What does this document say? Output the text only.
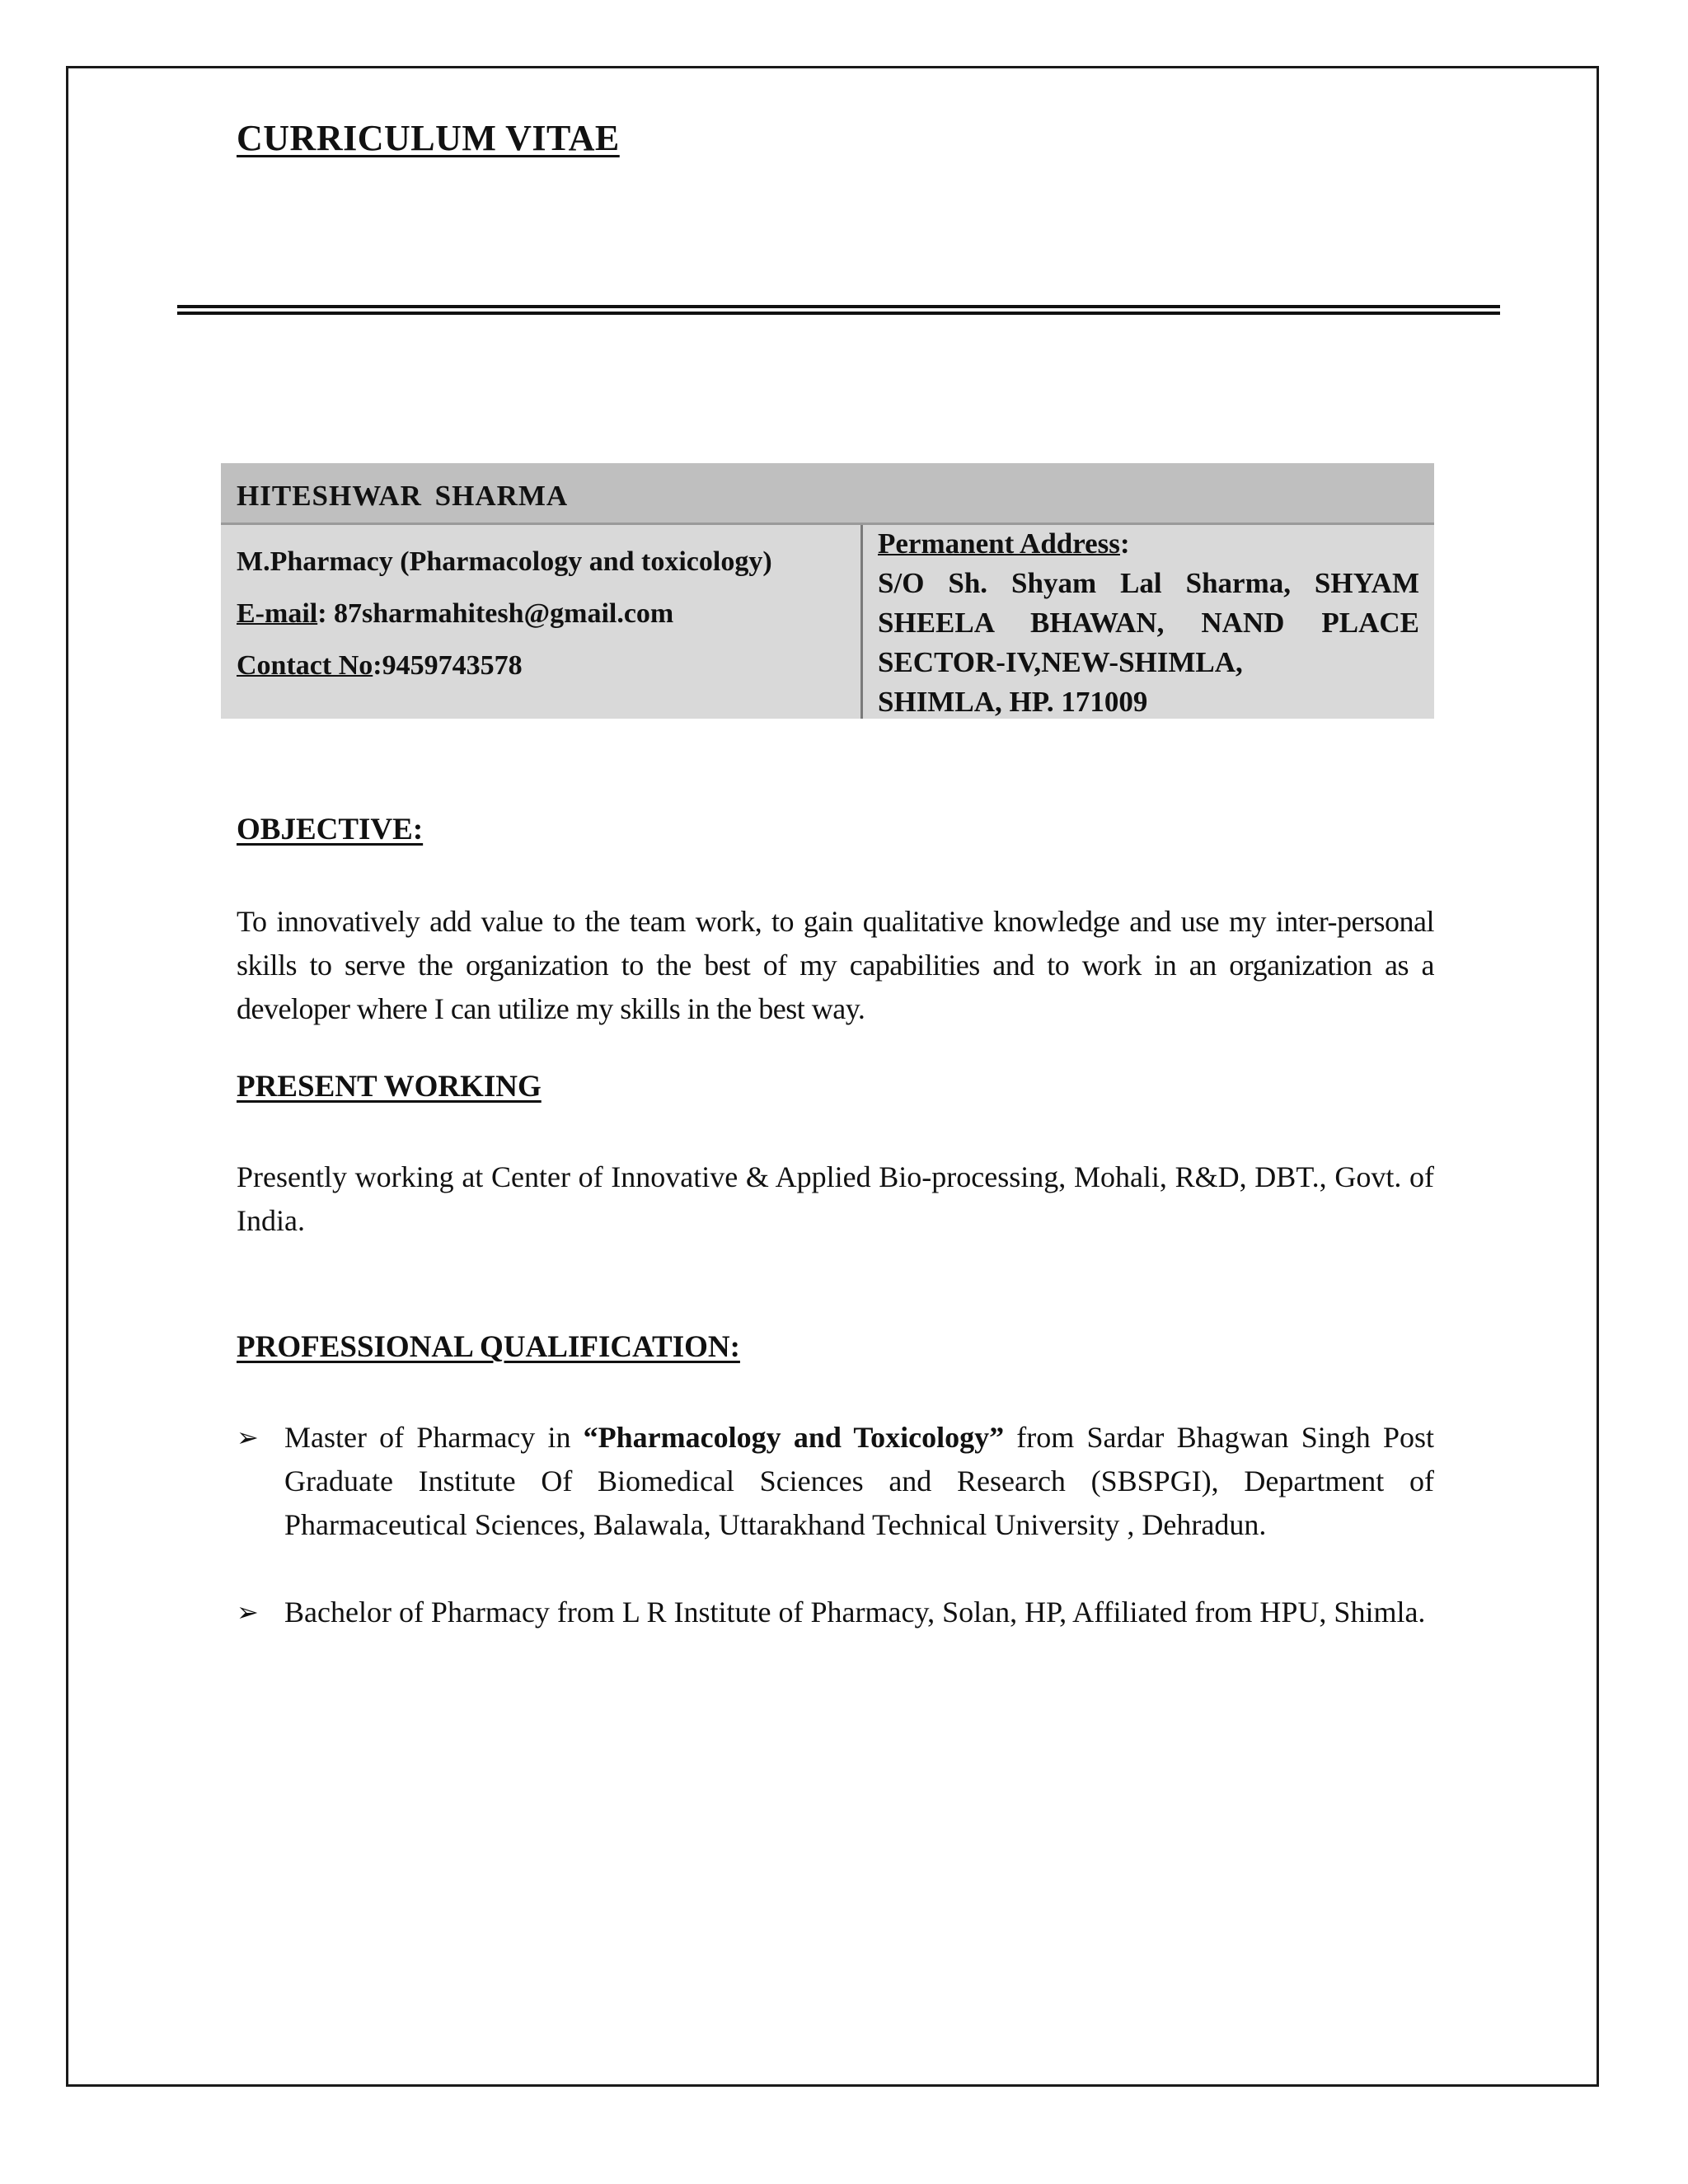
CURRICULUM VITAE
HITESHWAR SHARMA
M.Pharmacy (Pharmacology and toxicology)
E-mail: 87sharmahitesh@gmail.com
Contact No:9459743578
Permanent Address:
S/O Sh. Shyam Lal Sharma, SHYAM
SHEELA BHAWAN, NAND PLACE
SECTOR-IV,NEW-SHIMLA,
SHIMLA, HP. 171009
OBJECTIVE:
To innovatively add value to the team work, to gain qualitative knowledge and use my inter-personal skills to serve the organization to the best of my capabilities and to work in an organization as a developer where I can utilize my skills in the best way.
PRESENT WORKING
Presently working at Center of Innovative & Applied Bio-processing, Mohali, R&D, DBT., Govt. of India.
PROFESSIONAL QUALIFICATION:
➢ Master of Pharmacy in “Pharmacology and Toxicology” from Sardar Bhagwan Singh Post Graduate Institute Of Biomedical Sciences and Research (SBSPGI), Department of Pharmaceutical Sciences, Balawala, Uttarakhand Technical University , Dehradun.
➢ Bachelor of Pharmacy from L R Institute of Pharmacy, Solan, HP, Affiliated from HPU, Shimla.
